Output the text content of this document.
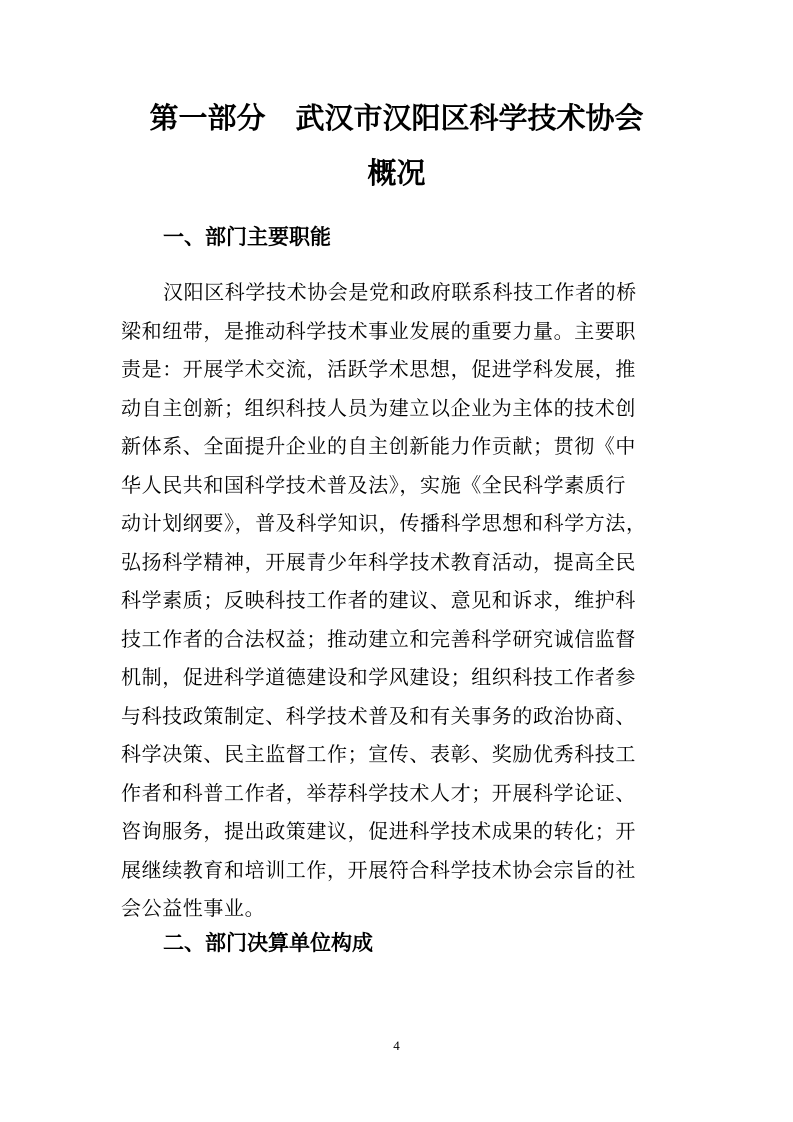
第一部分 武汉市汉阳区科学技术协会
概况
一、部门主要职能
汉阳区科学技术协会是党和政府联系科技工作者的桥
梁和纽带，是推动科学技术事业发展的重要力量。主要职
责是：开展学术交流，活跃学术思想，促进学科发展，推
动自主创新；组织科技人员为建立以企业为主体的技术创
新体系、全面提升企业的自主创新能力作贡献；贯彻《中
华人民共和国科学技术普及法》，实施《全民科学素质行
动计划纲要》，普及科学知识，传播科学思想和科学方法，
弘扬科学精神，开展青少年科学技术教育活动，提高全民
科学素质；反映科技工作者的建议、意见和诉求，维护科
技工作者的合法权益；推动建立和完善科学研究诚信监督
机制，促进科学道德建设和学风建设；组织科技工作者参
与科技政策制定、科学技术普及和有关事务的政治协商、
科学决策、民主监督工作；宣传、表彰、奖励优秀科技工
作者和科普工作者，举荐科学技术人才；开展科学论证、
咨询服务，提出政策建议，促进科学技术成果的转化；开
展继续教育和培训工作，开展符合科学技术协会宗旨的社
会公益性事业。
二、部门决算单位构成
4
